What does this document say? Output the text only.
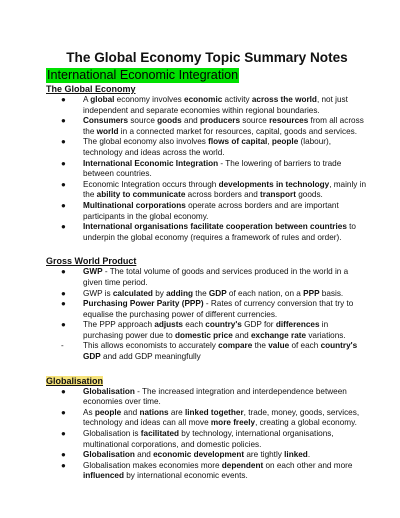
The Global Economy Topic Summary Notes
International Economic Integration
The Global Economy
● A global economy involves economic activity across the world, not just independent and separate economies within regional boundaries.
● Consumers source goods and producers source resources from all across the world in a connected market for resources, capital, goods and services.
● The global economy also involves flows of capital, people (labour), technology and ideas across the world.
● International Economic Integration - The lowering of barriers to trade between countries.
● Economic Integration occurs through developments in technology, mainly in the ability to communicate across borders and transport goods.
● Multinational corporations operate across borders and are important participants in the global economy.
● International organisations facilitate cooperation between countries to underpin the global economy (requires a framework of rules and order).
Gross World Product
● GWP - The total volume of goods and services produced in the world in a given time period.
● GWP is calculated by adding the GDP of each nation, on a PPP basis.
● Purchasing Power Parity (PPP) - Rates of currency conversion that try to equalise the purchasing power of different currencies.
● The PPP approach adjusts each country's GDP for differences in purchasing power due to domestic price and exchange rate variations.
- This allows economists to accurately compare the value of each country's GDP and add GDP meaningfully
Globalisation
● Globalisation - The increased integration and interdependence between economies over time.
● As people and nations are linked together, trade, money, goods, services, technology and ideas can all move more freely, creating a global economy.
● Globalisation is facilitated by technology, international organisations, multinational corporations, and domestic policies.
● Globalisation and economic development are tightly linked.
● Globalisation makes economies more dependent on each other and more influenced by international economic events.
